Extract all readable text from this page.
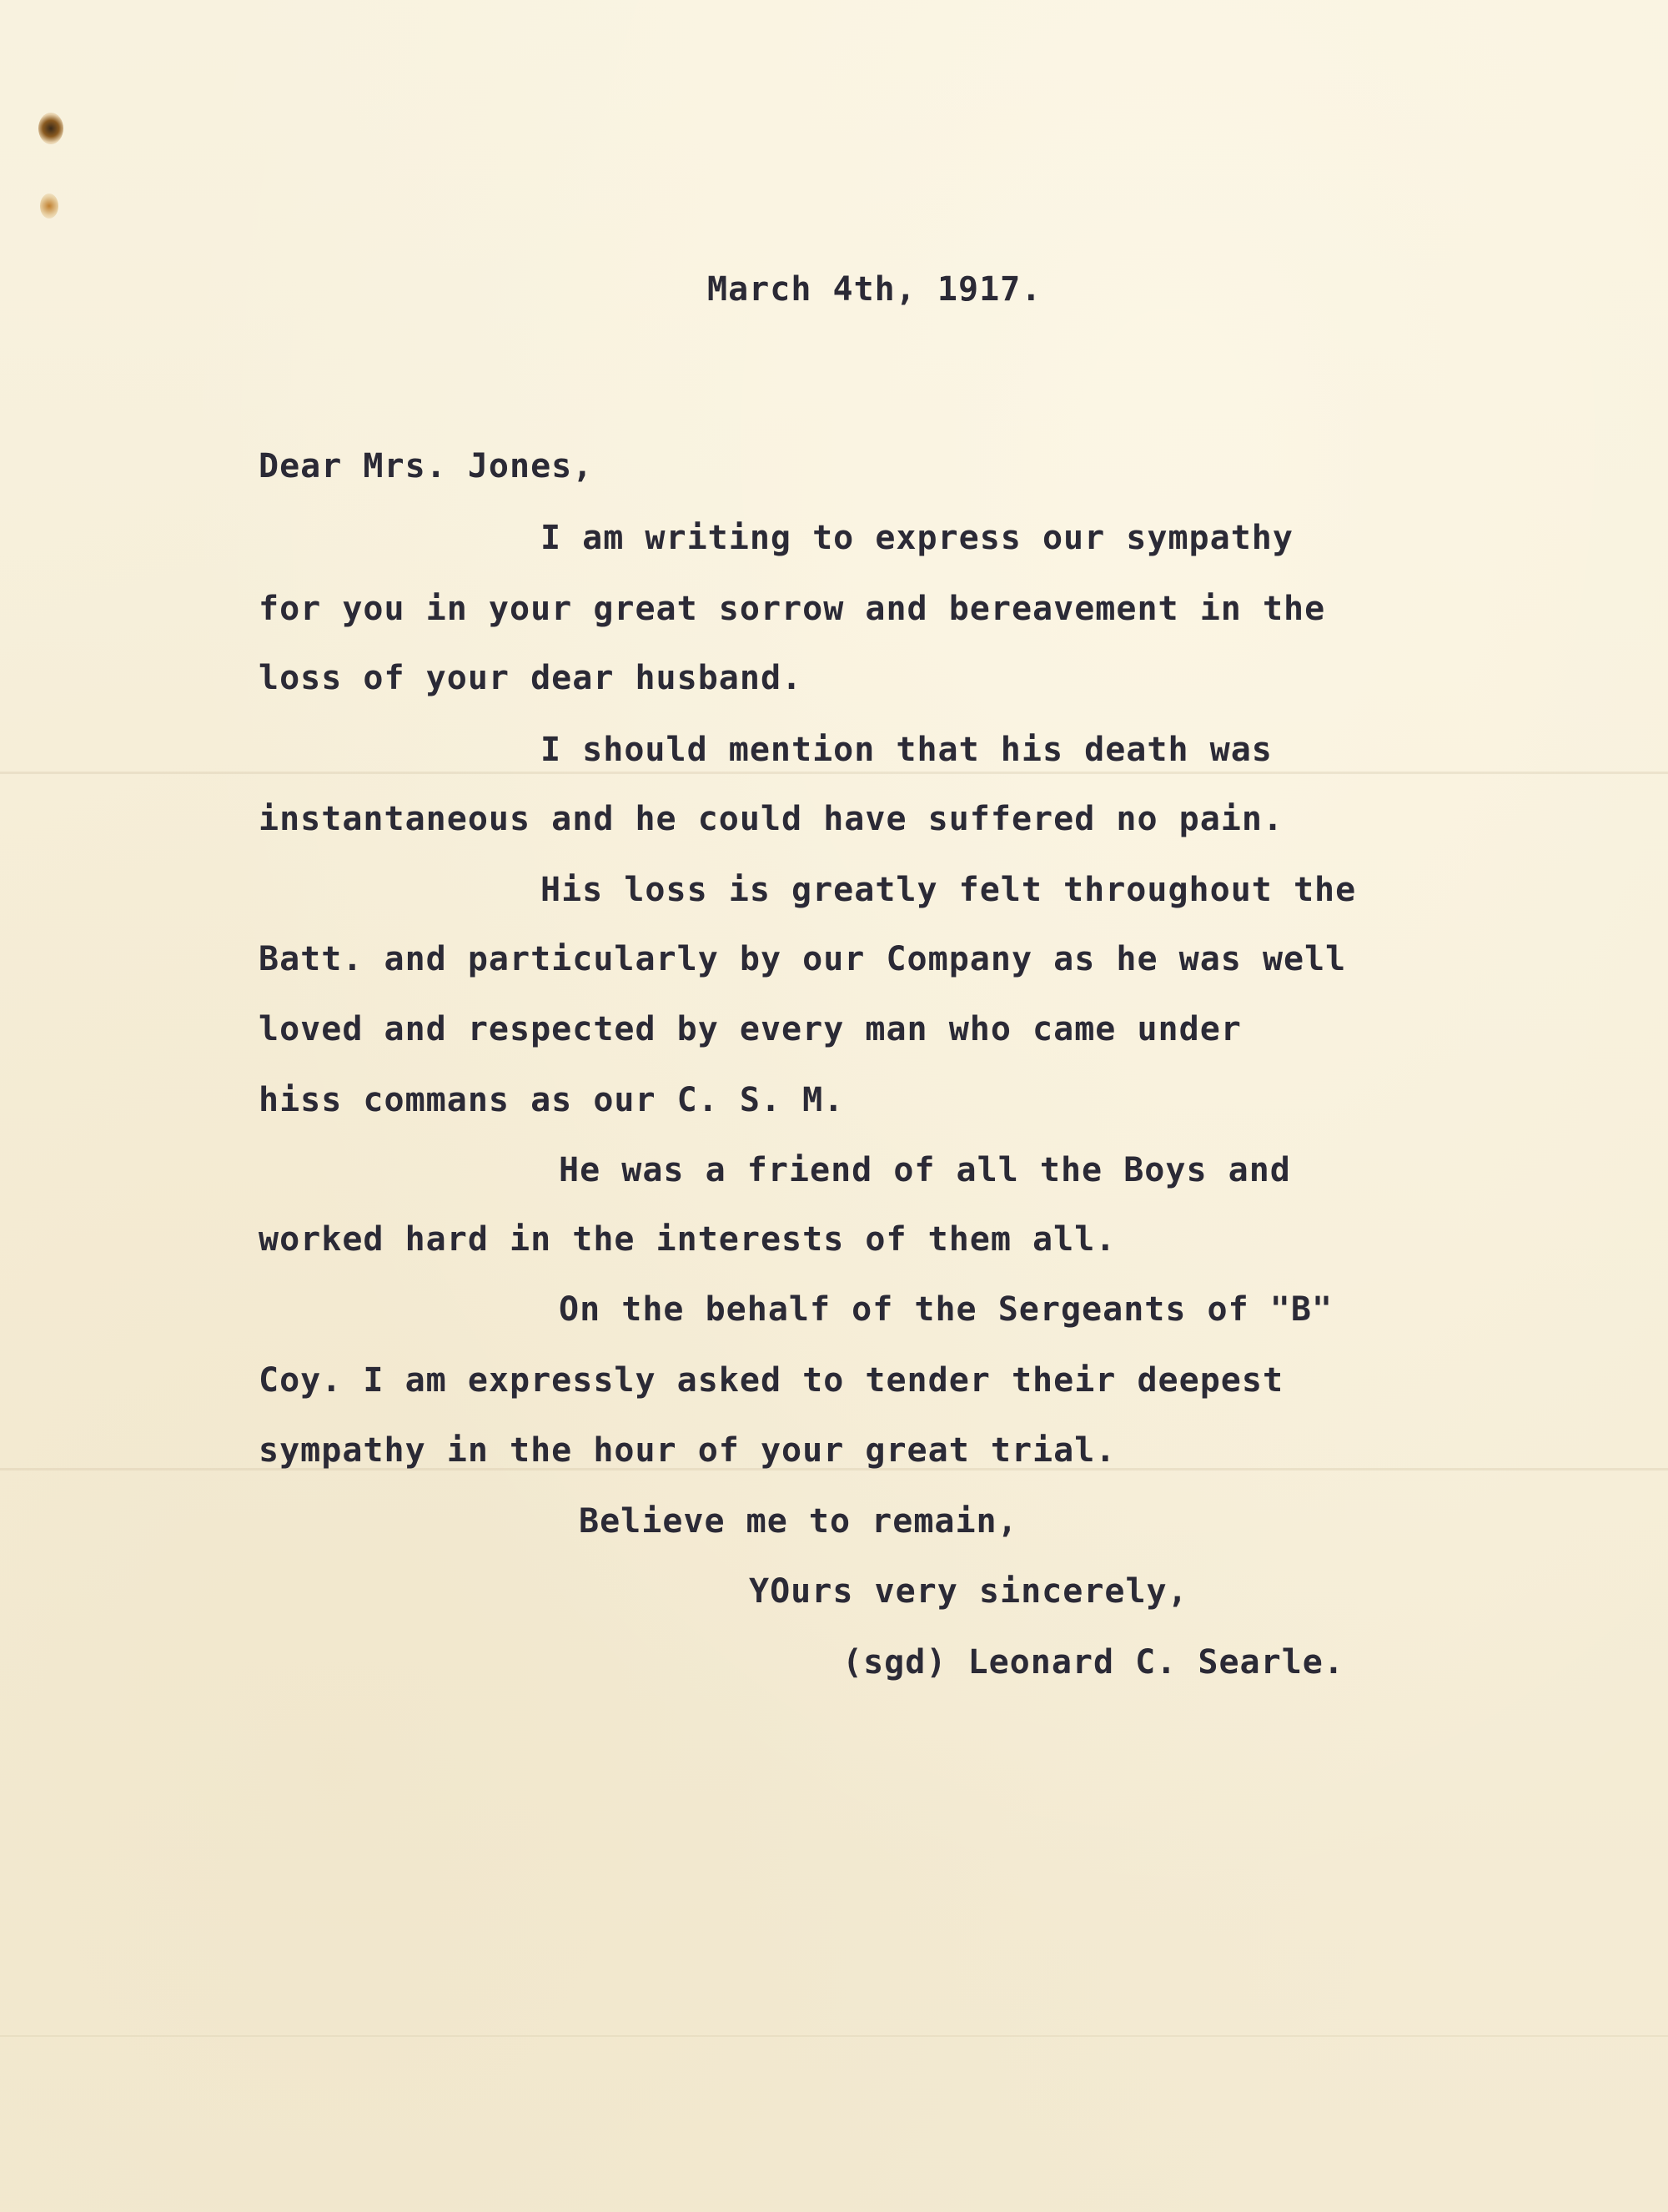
March 4th, 1917.

Dear Mrs. Jones,

I am writing to express our sympathy

for you in your great sorrow and bereavement in the

loss of your dear husband.

I should mention that his death was

instantaneous and he could have suffered no pain.

His loss is greatly felt throughout the

Batt. and particularly by our Company as he was well

loved and respected by every man who came under

hiss commans as our C. S. M.

He was a friend of all the Boys and

worked hard in the interests of them all.

On the behalf of the Sergeants of "B"

Coy. I am expressly asked to tender their deepest

sympathy in the hour of your great trial.

Believe me to remain,

YOurs very sincerely,

(sgd) Leonard C. Searle.
